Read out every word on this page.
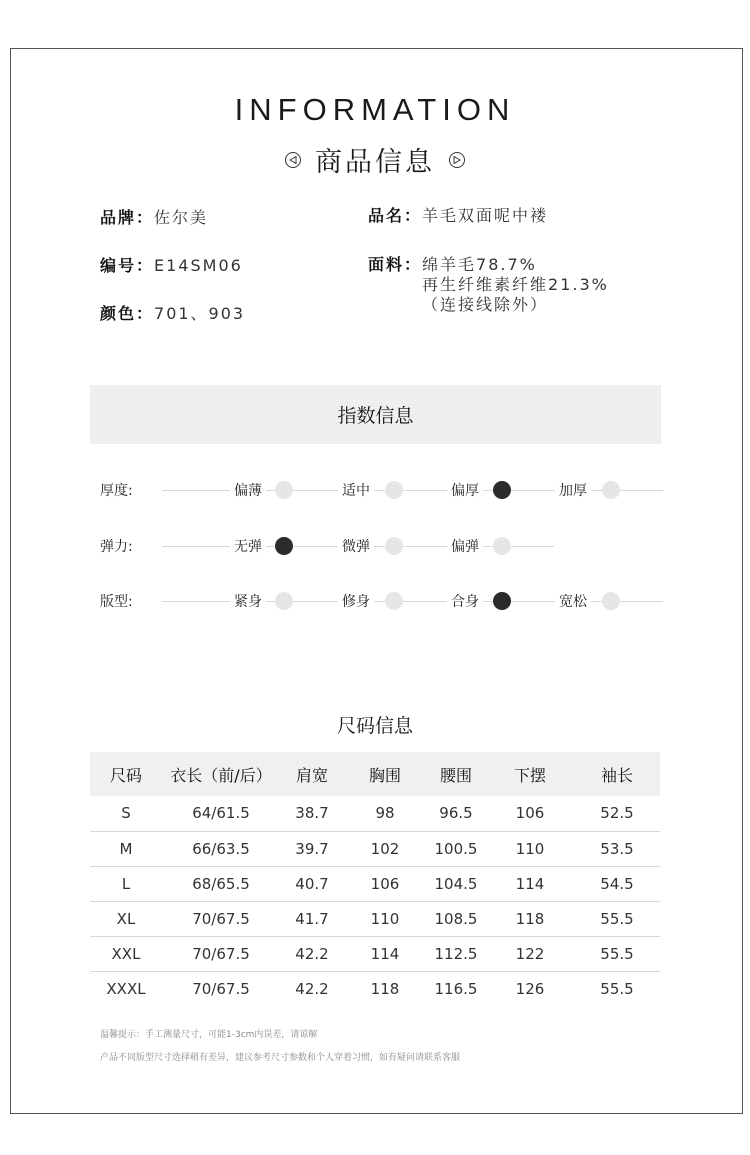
INFORMATION
商品信息
品牌： 佐尔美	品名： 羊毛双面呢中褛
编号： E14SM06	面料： 绵羊毛78.7%
再生纤维素纤维21.3%
（连接线除外）
颜色： 701、903
指数信息
厚度:	偏薄	适中	偏厚	加厚
弹力:	无弹	微弹	偏弹
版型:	紧身	修身	合身	宽松
尺码信息
尺码	衣长（前/后）	肩宽	胸围	腰围	下摆	袖长
S	64/61.5	38.7	98	96.5	106	52.5
M	66/63.5	39.7	102	100.5	110	53.5
L	68/65.5	40.7	106	104.5	114	54.5
XL	70/67.5	41.7	110	108.5	118	55.5
XXL	70/67.5	42.2	114	112.5	122	55.5
XXXL	70/67.5	42.2	118	116.5	126	55.5
温馨提示：手工测量尺寸，可能1-3cm内误差，请谅解
产品不同版型尺寸选择稍有差异，建议参考尺寸参数和个人穿着习惯，如有疑问请联系客服
